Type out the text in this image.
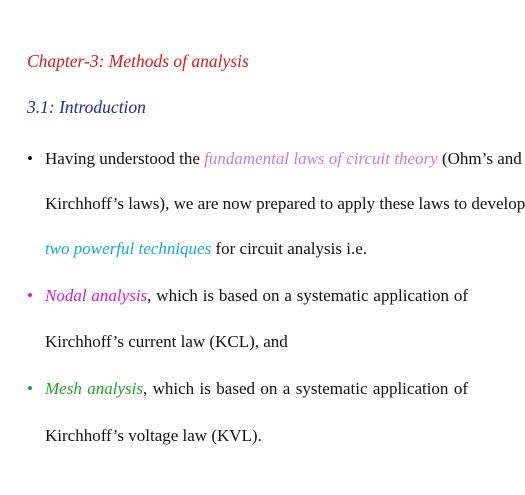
Chapter-3: Methods of analysis
3.1: Introduction
• Having understood the fundamental laws of circuit theory (Ohm’s and
Kirchhoff’s laws), we are now prepared to apply these laws to develop
two powerful techniques for circuit analysis i.e.
• Nodal analysis, which is based on a systematic application of
Kirchhoff’s current law (KCL), and
• Mesh analysis, which is based on a systematic application of
Kirchhoff’s voltage law (KVL).
